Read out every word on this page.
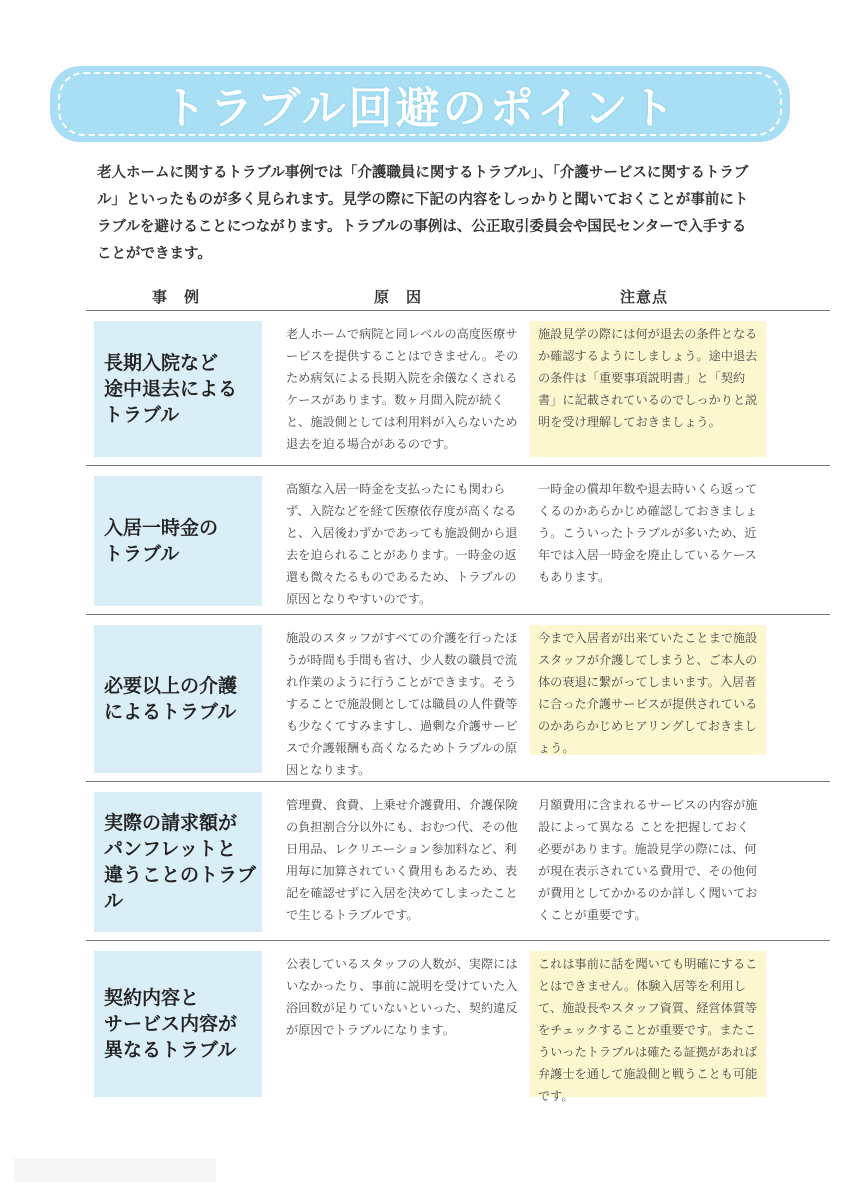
トラブル回避のポイント
老人ホームに関するトラブル事例では「介護職員に関するトラブル」、「介護サービスに関するトラブル」といったものが多く見られます。見学の際に下記の内容をしっかりと聞いておくことが事前にトラブルを避けることにつながります。トラブルの事例は、公正取引委員会や国民センターで入手することができます。
事　例	原　因	注意点
長期入院など
途中退去による
トラブル
老人ホームで病院と同レベルの高度医療サービスを提供することはできません。そのため病気による長期入院を余儀なくされるケースがあります。数ヶ月間入院が続くと、施設側としては利用料が入らないため退去を迫る場合があるのです。
施設見学の際には何が退去の条件となるか確認するようにしましょう。途中退去の条件は「重要事項説明書」と「契約書」に記載されているのでしっかりと説明を受け理解しておきましょう。
入居一時金の
トラブル
高額な入居一時金を支払ったにも関わらず、入院などを経て医療依存度が高くなると、入居後わずかであっても施設側から退去を迫られることがあります。一時金の返還も微々たるものであるため、トラブルの原因となりやすいのです。
一時金の償却年数や退去時いくら返ってくるのかあらかじめ確認しておきましょう。こういったトラブルが多いため、近年では入居一時金を廃止しているケースもあります。
必要以上の介護
によるトラブル
施設のスタッフがすべての介護を行ったほうが時間も手間も省け、少人数の職員で流れ作業のように行うことができます。そうすることで施設側としては職員の人件費等も少なくてすみますし、過剰な介護サービスで介護報酬も高くなるためトラブルの原因となります。
今まで入居者が出来ていたことまで施設スタッフが介護してしまうと、ご本人の体の衰退に繋がってしまいます。入居者に合った介護サービスが提供されているのかあらかじめヒアリングしておきましょう。
実際の請求額が
パンフレットと
違うことのトラブル
管理費、食費、上乗せ介護費用、介護保険の負担割合分以外にも、おむつ代、その他日用品、レクリエーション参加料など、利用毎に加算されていく費用もあるため、表記を確認せずに入居を決めてしまったことで生じるトラブルです。
月額費用に含まれるサービスの内容が施設によって異なる ことを把握しておく必要があります。施設見学の際には、何が現在表示されている費用で、その他何が費用としてかかるのか詳しく聞いておくことが重要です。
契約内容と
サービス内容が
異なるトラブル
公表しているスタッフの人数が、実際にはいなかったり、事前に説明を受けていた入浴回数が足りていないといった、契約違反が原因でトラブルになります。
これは事前に話を聞いても明確にすることはできません。体験入居等を利用して、施設長やスタッフ資質、経営体質等をチェックすることが重要です。またこういったトラブルは確たる証拠があれば弁護士を通して施設側と戦うことも可能です。
